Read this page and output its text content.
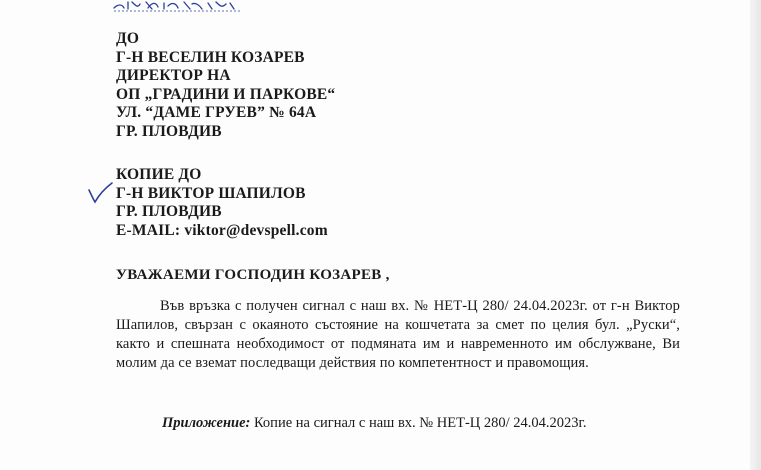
ДО
Г-Н ВЕСЕЛИН КОЗАРЕВ
ДИРЕКТОР НА
ОП „ГРАДИНИ И ПАРКОВЕ“
УЛ. “ДАМЕ ГРУЕВ” № 64А
ГР. ПЛОВДИВ
КОПИЕ ДО
Г-Н ВИКТОР ШАПИЛОВ
ГР. ПЛОВДИВ
E-MAIL: viktor@devspell.com
УВАЖАЕМИ ГОСПОДИН КОЗАРЕВ ,
Във връзка с получен сигнал с наш вх. № НЕТ-Ц 280/ 24.04.2023г. от г-н Виктор
Шапилов, свързан с окаяното състояние на кошчетата за смет по целия бул. „Руски“,
както и спешната необходимост от подмяната им и навременното им обслужване, Ви
молим да се вземат последващи действия по компетентност и правомощия.
Приложение: Копие на сигнал с наш вх. № НЕТ-Ц 280/ 24.04.2023г.
